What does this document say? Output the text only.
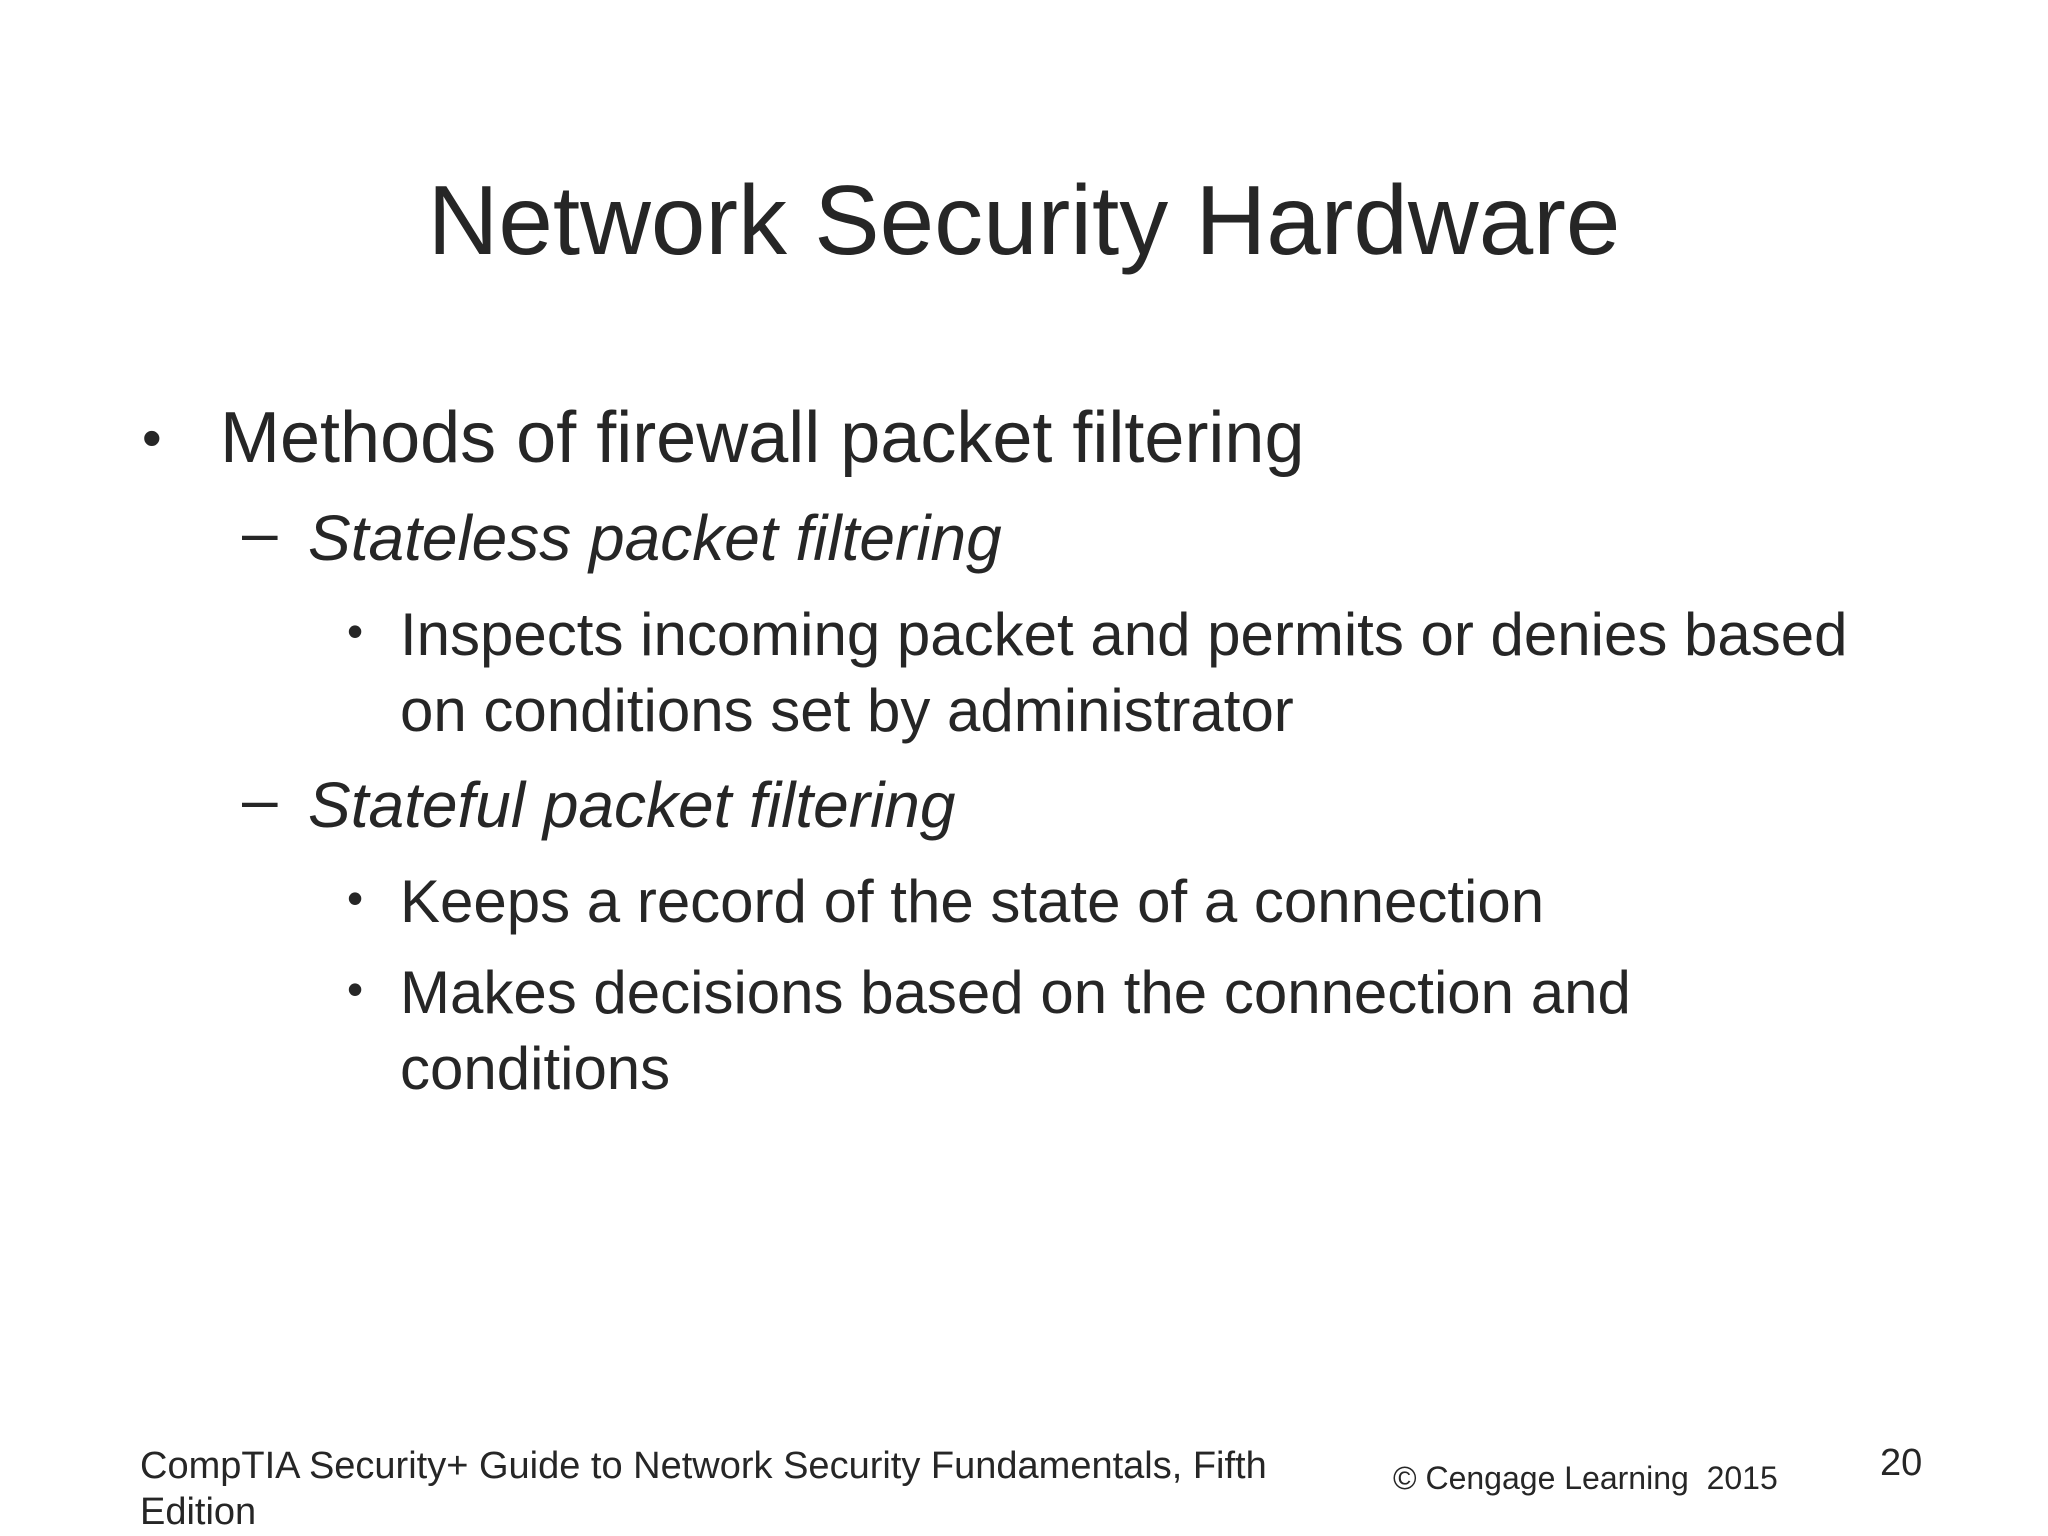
Network Security Hardware
• Methods of firewall packet filtering
– Stateless packet filtering
• Inspects incoming packet and permits or denies based
on conditions set by administrator
– Stateful packet filtering
• Keeps a record of the state of a connection
• Makes decisions based on the connection and
conditions
CompTIA Security+ Guide to Network Security Fundamentals, Fifth
Edition
© Cengage Learning  2015	20
